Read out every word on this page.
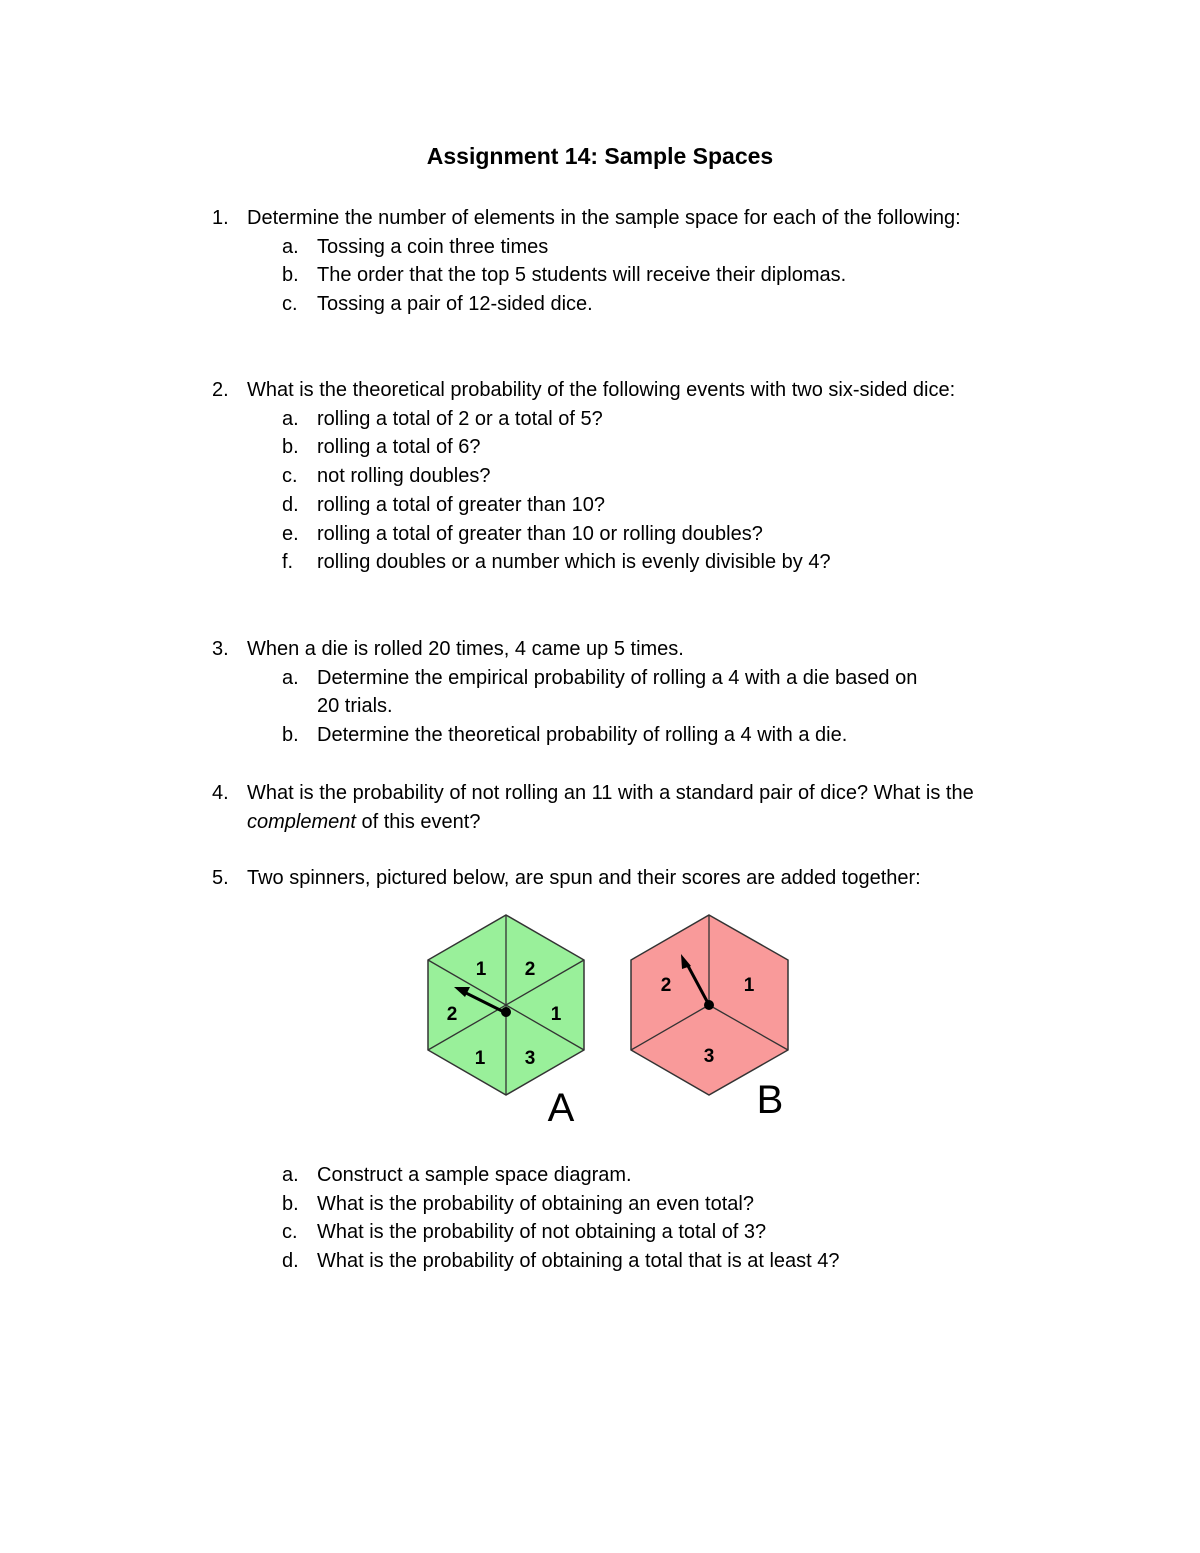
Assignment 14: Sample Spaces
1. Determine the number of elements in the sample space for each of the following:
a. Tossing a coin three times
b. The order that the top 5 students will receive their diplomas.
c. Tossing a pair of 12-sided dice.
2. What is the theoretical probability of the following events with two six-sided dice:
a. rolling a total of 2 or a total of 5?
b. rolling a total of 6?
c. not rolling doubles?
d. rolling a total of greater than 10?
e. rolling a total of greater than 10 or rolling doubles?
f. rolling doubles or a number which is evenly divisible by 4?
3. When a die is rolled 20 times, 4 came up 5 times.
a. Determine the empirical probability of rolling a 4 with a die based on 20 trials.
b. Determine the theoretical probability of rolling a 4 with a die.
4. What is the probability of not rolling an 11 with a standard pair of dice? What is the complement of this event?
5. Two spinners, pictured below, are spun and their scores are added together:
1 2
1
3
1
2
A
2	1
3
B
a. Construct a sample space diagram.
b. What is the probability of obtaining an even total?
c. What is the probability of not obtaining a total of 3?
d. What is the probability of obtaining a total that is at least 4?
